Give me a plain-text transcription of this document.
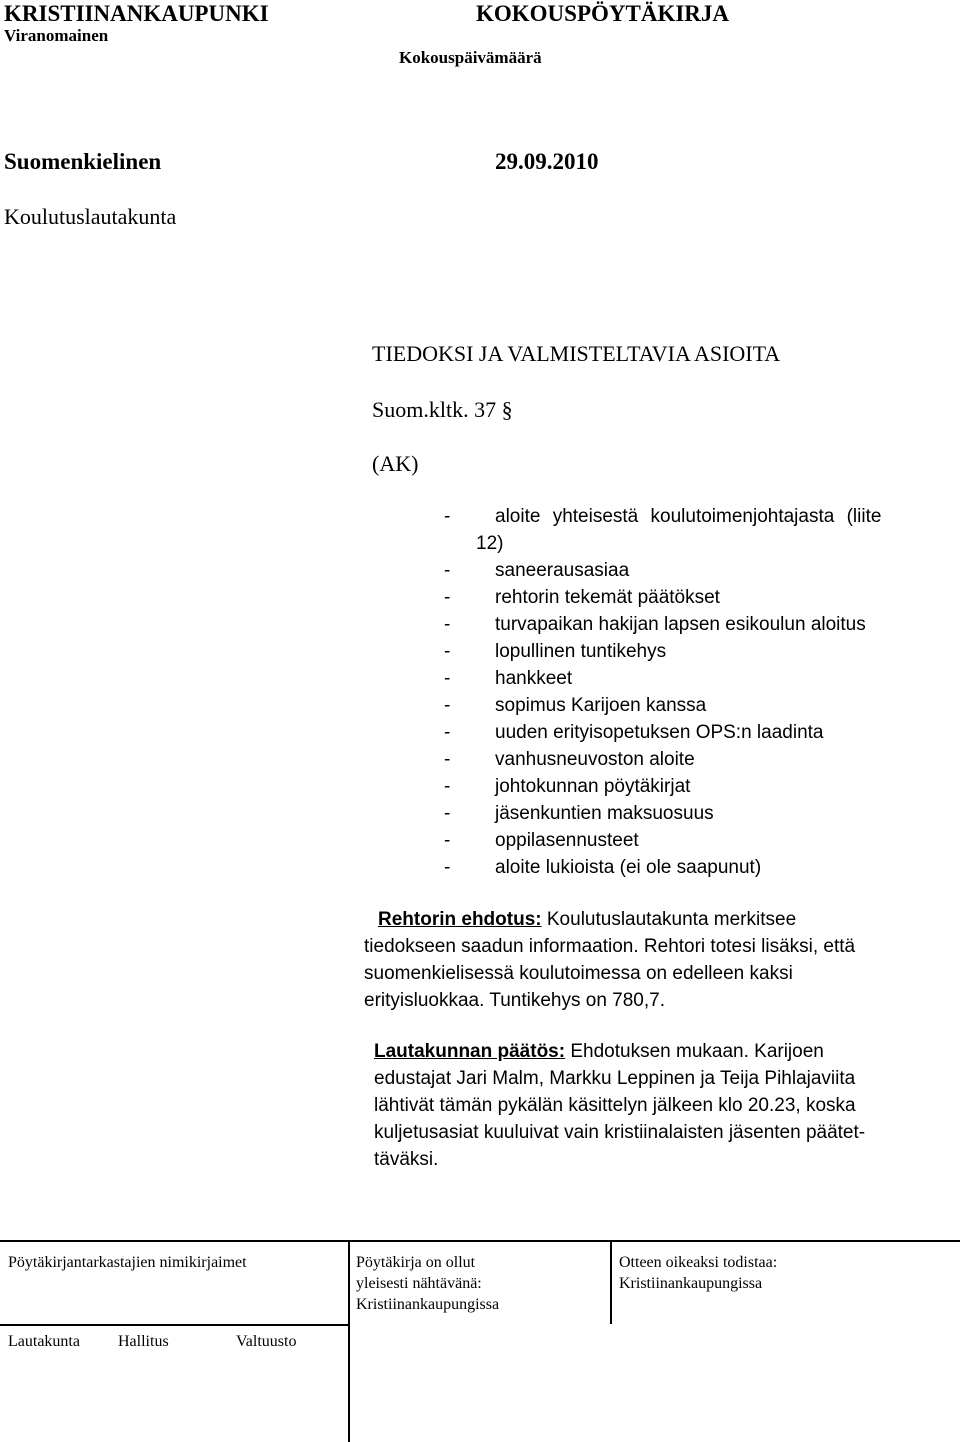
KRISTIINANKAUPUNKI
Viranomainen
KOKOUSPÖYTÄKIRJA
Kokouspäivämäärä
Suomenkielinen	29.09.2010
Koulutuslautakunta
TIEDOKSI JA VALMISTELTAVIA ASIOITA
Suom.kltk. 37 §
(AK)
- aloite yhteisestä koulutoimenjohtajasta (liite
12)
- saneerausasiaa
- rehtorin tekemät päätökset
- turvapaikan hakijan lapsen esikoulun aloitus
- lopullinen tuntikehys
- hankkeet
- sopimus Karijoen kanssa
- uuden erityisopetuksen OPS:n laadinta
- vanhusneuvoston aloite
- johtokunnan pöytäkirjat
- jäsenkuntien maksuosuus
- oppilasennusteet
- aloite lukioista (ei ole saapunut)
Rehtorin ehdotus: Koulutuslautakunta merkitsee
tiedokseen saadun informaation. Rehtori totesi lisäksi, että
suomenkielisessä koulutoimessa on edelleen kaksi
erityisluokkaa. Tuntikehys on 780,7.
Lautakunnan päätös: Ehdotuksen mukaan. Karijoen
edustajat Jari Malm, Markku Leppinen ja Teija Pihlajaviita
lähtivät tämän pykälän käsittelyn jälkeen klo 20.23, koska
kuljetusasiat kuuluivat vain kristiinalaisten jäsenten päätet-
täväksi.
Pöytäkirjantarkastajien nimikirjaimet	Pöytäkirja on ollut
yleisesti nähtävänä:
Kristiinankaupungissa
Otteen oikeaksi todistaa:
Kristiinankaupungissa
Lautakunta Hallitus	Valtuusto
